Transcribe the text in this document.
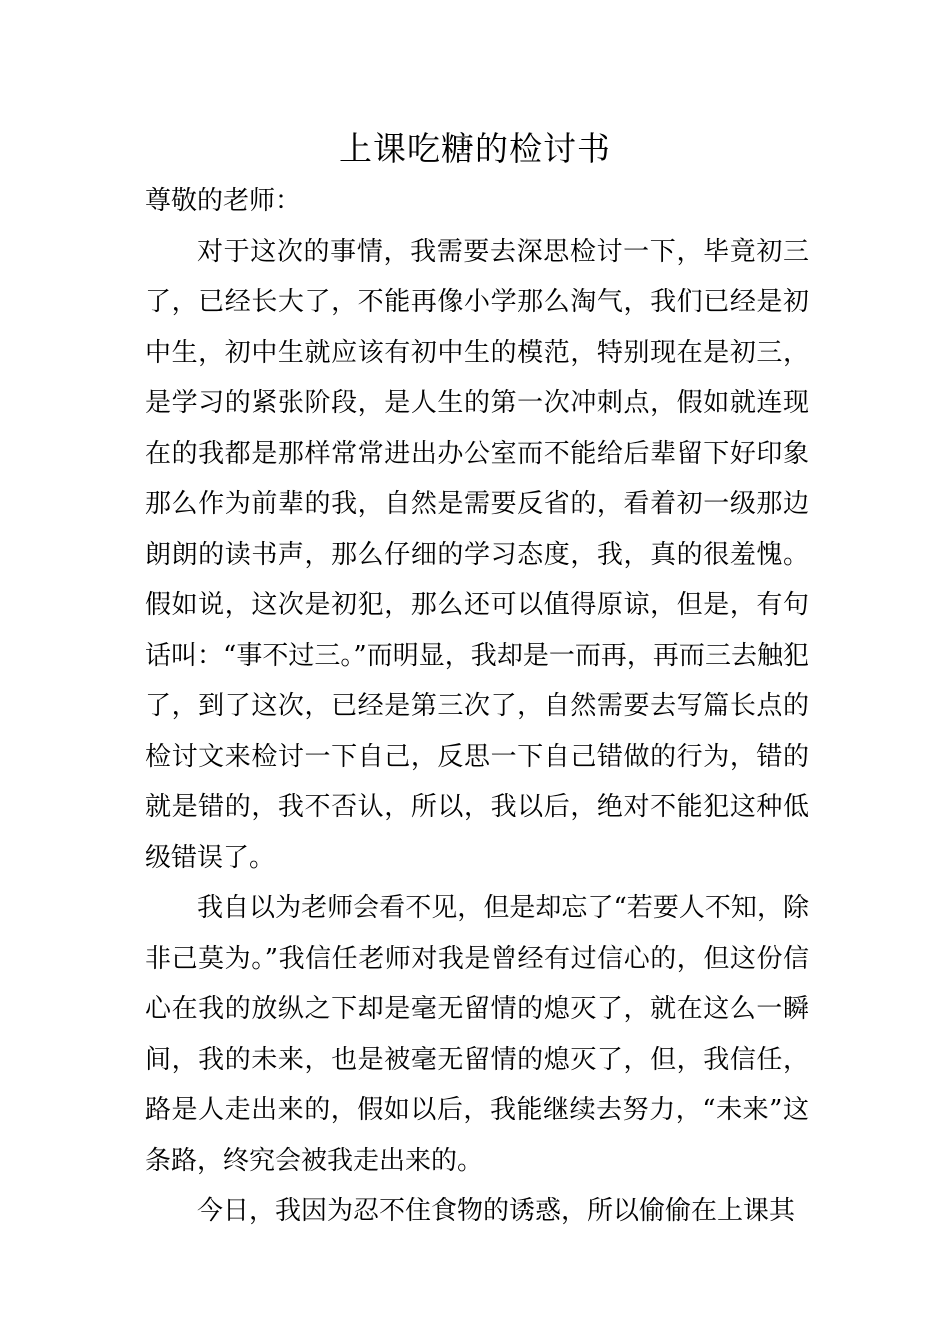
上课吃糖的检讨书

尊敬的老师：

对于这次的事情，我需要去深思检讨一下，毕竟初三了，已经长大了，不能再像小学那么淘气，我们已经是初中生，初中生就应该有初中生的模范，特别现在是初三，是学习的紧张阶段，是人生的第一次冲刺点，假如就连现在的我都是那样常常进出办公室而不能给后辈留下好印象那么作为前辈的我，自然是需要反省的，看着初一级那边朗朗的读书声，那么仔细的学习态度，我，真的很羞愧。假如说，这次是初犯，那么还可以值得原谅，但是，有句话叫：“事不过三。”而明显，我却是一而再，再而三去触犯了，到了这次，已经是第三次了，自然需要去写篇长点的检讨文来检讨一下自己，反思一下自己错做的行为，错的就是错的，我不否认，所以，我以后，绝对不能犯这种低级错误了。

我自以为老师会看不见，但是却忘了“若要人不知，除非己莫为。”我信任老师对我是曾经有过信心的，但这份信心在我的放纵之下却是毫无留情的熄灭了，就在这么一瞬间，我的未来，也是被毫无留情的熄灭了，但，我信任，路是人走出来的，假如以后，我能继续去努力，“未来”这条路，终究会被我走出来的。

今日，我因为忍不住食物的诱惑，所以偷偷在上课其
